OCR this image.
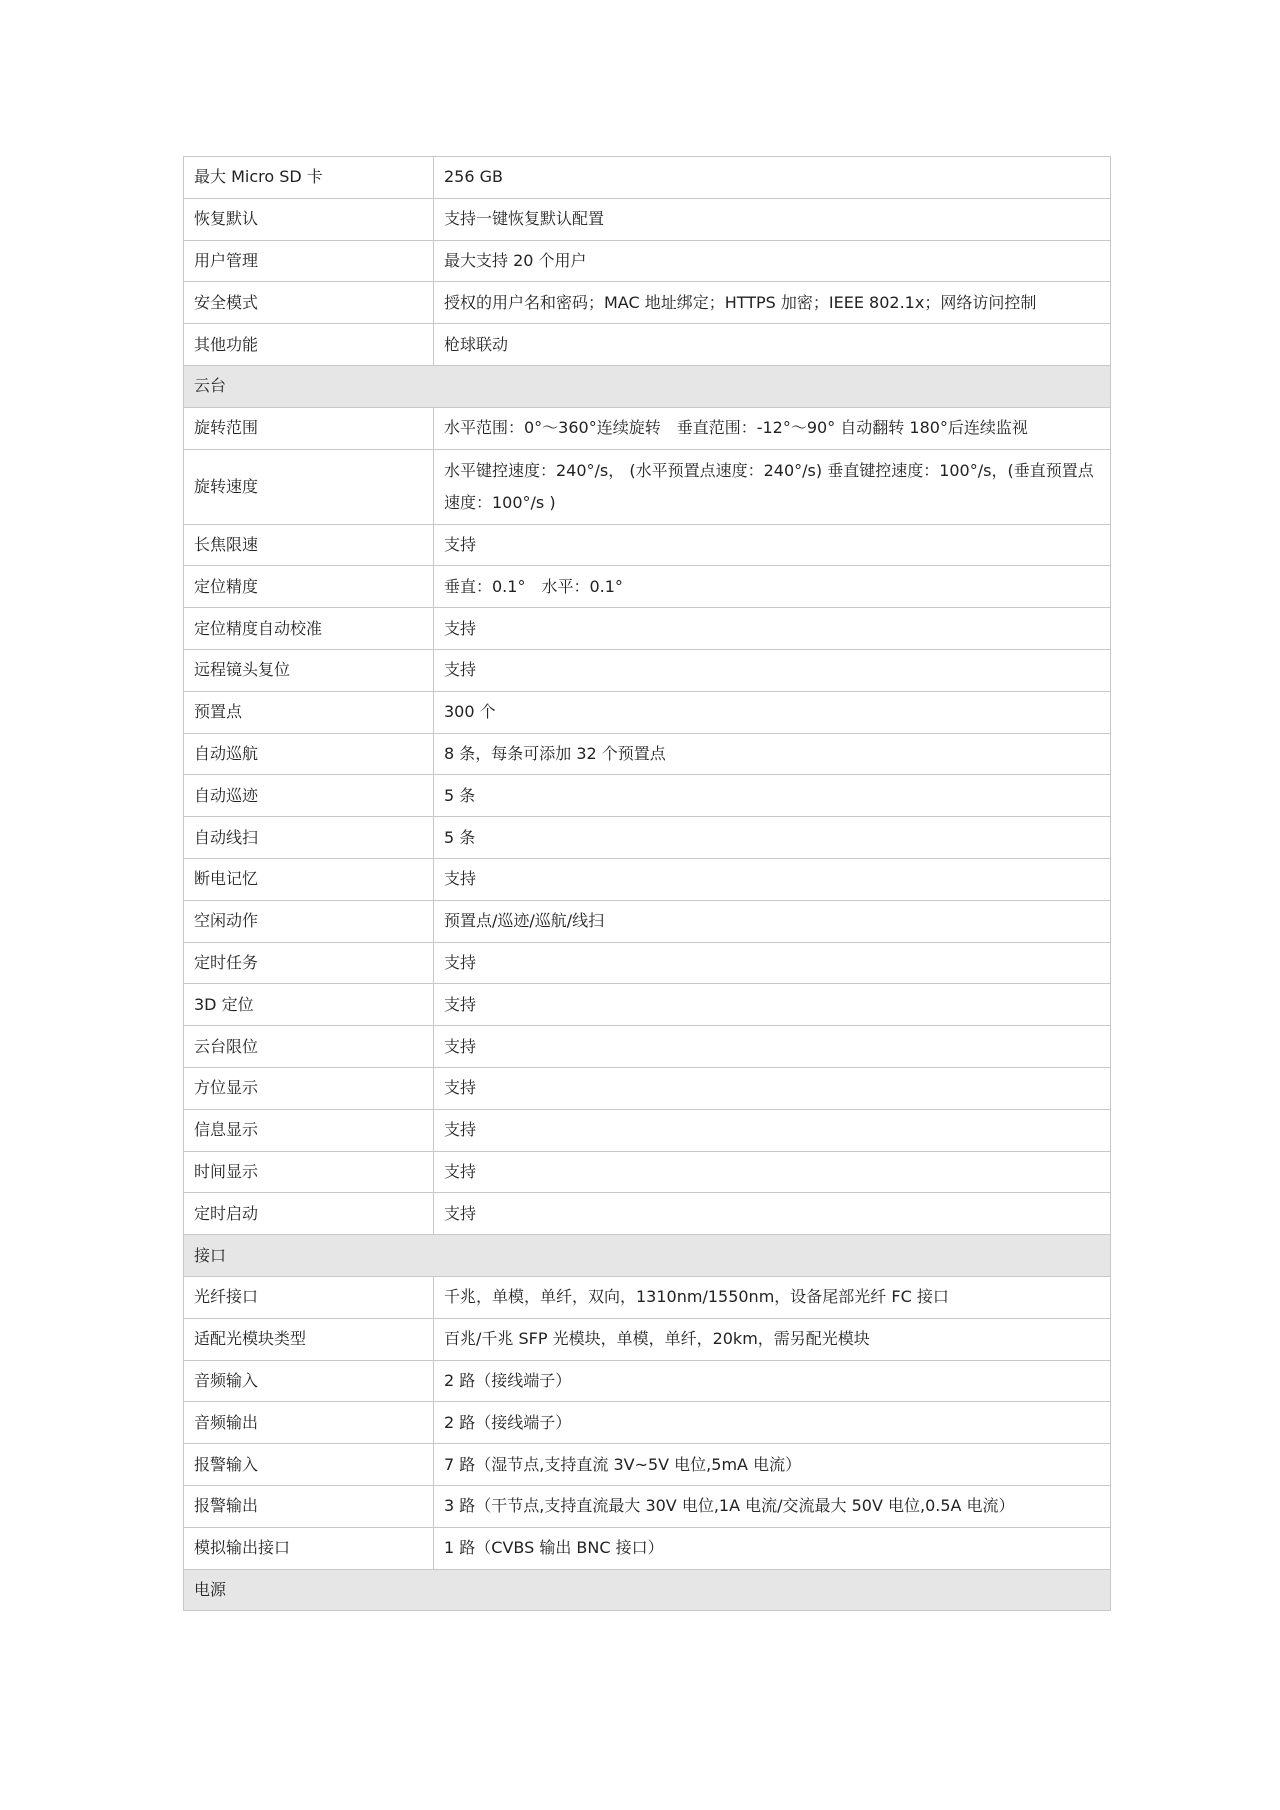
最大 Micro SD 卡	256 GB
恢复默认	支持一键恢复默认配置
用户管理	最大支持 20 个用户
安全模式	授权的用户名和密码；MAC 地址绑定；HTTPS 加密；IEEE 802.1x；网络访问控制
其他功能	枪球联动
云台	
旋转范围	水平范围：0°～360°连续旋转　垂直范围：-12°～90° 自动翻转 180°后连续监视
旋转速度	水平键控速度：240°/s， (水平预置点速度：240°/s) 垂直键控速度：100°/s，(垂直预置点速度：100°/s )
长焦限速	支持
定位精度	垂直：0.1°　水平：0.1°
定位精度自动校准	支持
远程镜头复位	支持
预置点	300 个
自动巡航	8 条，每条可添加 32 个预置点
自动巡迹	5 条
自动线扫	5 条
断电记忆	支持
空闲动作	预置点/巡迹/巡航/线扫
定时任务	支持
3D 定位	支持
云台限位	支持
方位显示	支持
信息显示	支持
时间显示	支持
定时启动	支持
接口	
光纤接口	千兆，单模，单纤，双向，1310nm/1550nm，设备尾部光纤 FC 接口
适配光模块类型	百兆/千兆 SFP 光模块，单模，单纤，20km，需另配光模块
音频输入	2 路（接线端子）
音频输出	2 路（接线端子）
报警输入	7 路（湿节点,支持直流 3V~5V 电位,5mA 电流）
报警输出	3 路（干节点,支持直流最大 30V 电位,1A 电流/交流最大 50V 电位,0.5A 电流）
模拟输出接口	1 路（CVBS 输出 BNC 接口）
电源	
